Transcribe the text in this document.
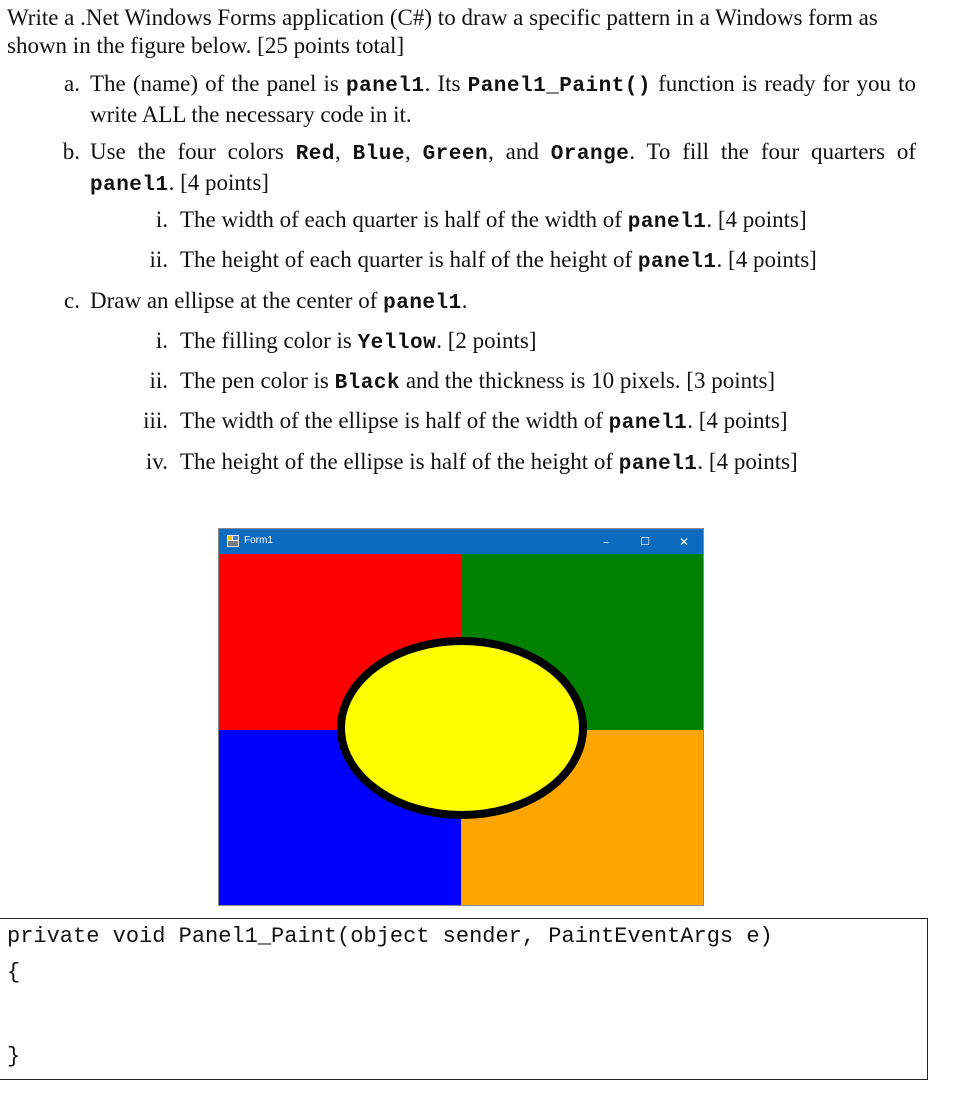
Write a .Net Windows Forms application (C#) to draw a specific pattern in a Windows form as shown in the figure below. [25 points total]
a. The (name) of the panel is panel1. Its Panel1_Paint() function is ready for you to write ALL the necessary code in it.
b. Use the four colors Red, Blue, Green, and Orange. To fill the four quarters of panel1. [4 points]
i. The width of each quarter is half of the width of panel1. [4 points]
ii. The height of each quarter is half of the height of panel1. [4 points]
c. Draw an ellipse at the center of panel1.
i. The filling color is Yellow. [2 points]
ii. The pen color is Black and the thickness is 10 pixels. [3 points]
iii. The width of the ellipse is half of the width of panel1. [4 points]
iv. The height of the ellipse is half of the height of panel1. [4 points]
Form1	–	☐	✕
private void Panel1_Paint(object sender, PaintEventArgs e)
{
}
